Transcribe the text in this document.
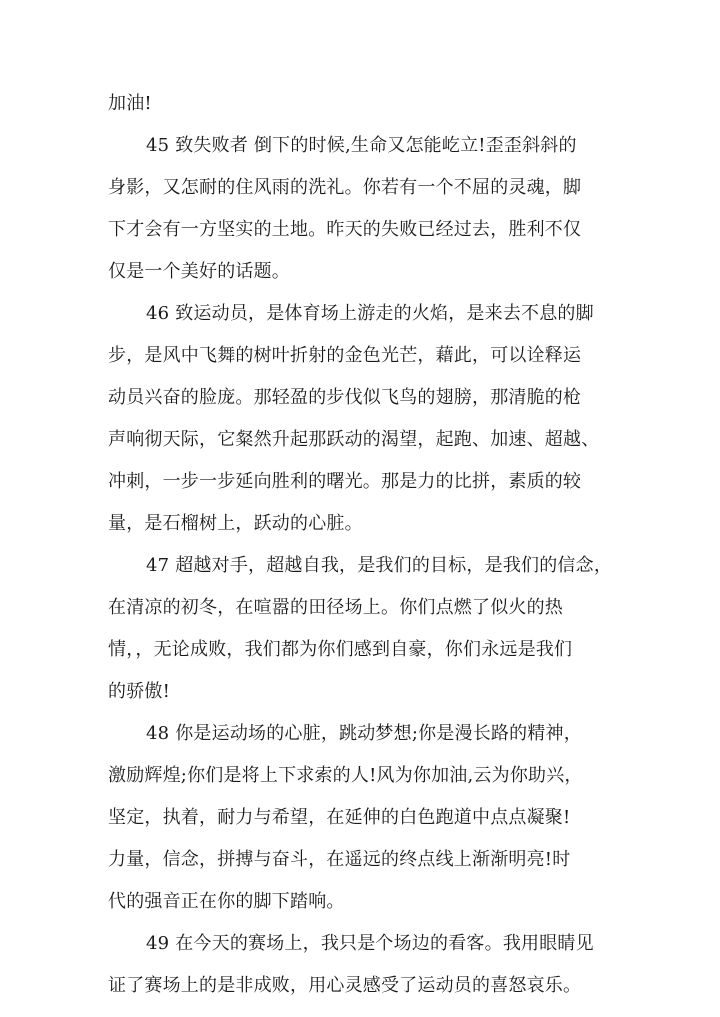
加油!
45 致失败者 倒下的时候,生命又怎能屹立!歪歪斜斜的
身影，又怎耐的住风雨的洗礼。你若有一个不屈的灵魂，脚
下才会有一方坚实的土地。昨天的失败已经过去，胜利不仅
仅是一个美好的话题。
46 致运动员，是体育场上游走的火焰，是来去不息的脚
步，是风中飞舞的树叶折射的金色光芒，藉此，可以诠释运
动员兴奋的脸庞。那轻盈的步伐似飞鸟的翅膀，那清脆的枪
声响彻天际，它粲然升起那跃动的渴望，起跑、加速、超越、
冲刺，一步一步延向胜利的曙光。那是力的比拼，素质的较
量，是石榴树上，跃动的心脏。
47 超越对手，超越自我，是我们的目标，是我们的信念，
在清凉的初冬，在喧嚣的田径场上。你们点燃了似火的热
情，，无论成败，我们都为你们感到自豪，你们永远是我们
的骄傲!
48 你是运动场的心脏，跳动梦想;你是漫长路的精神，
激励辉煌;你们是将上下求索的人!风为你加油,云为你助兴，
坚定，执着，耐力与希望，在延伸的白色跑道中点点凝聚!
力量，信念，拼搏与奋斗，在遥远的终点线上渐渐明亮!时
代的强音正在你的脚下踏响。
49 在今天的赛场上，我只是个场边的看客。我用眼睛见
证了赛场上的是非成败，用心灵感受了运动员的喜怒哀乐。
